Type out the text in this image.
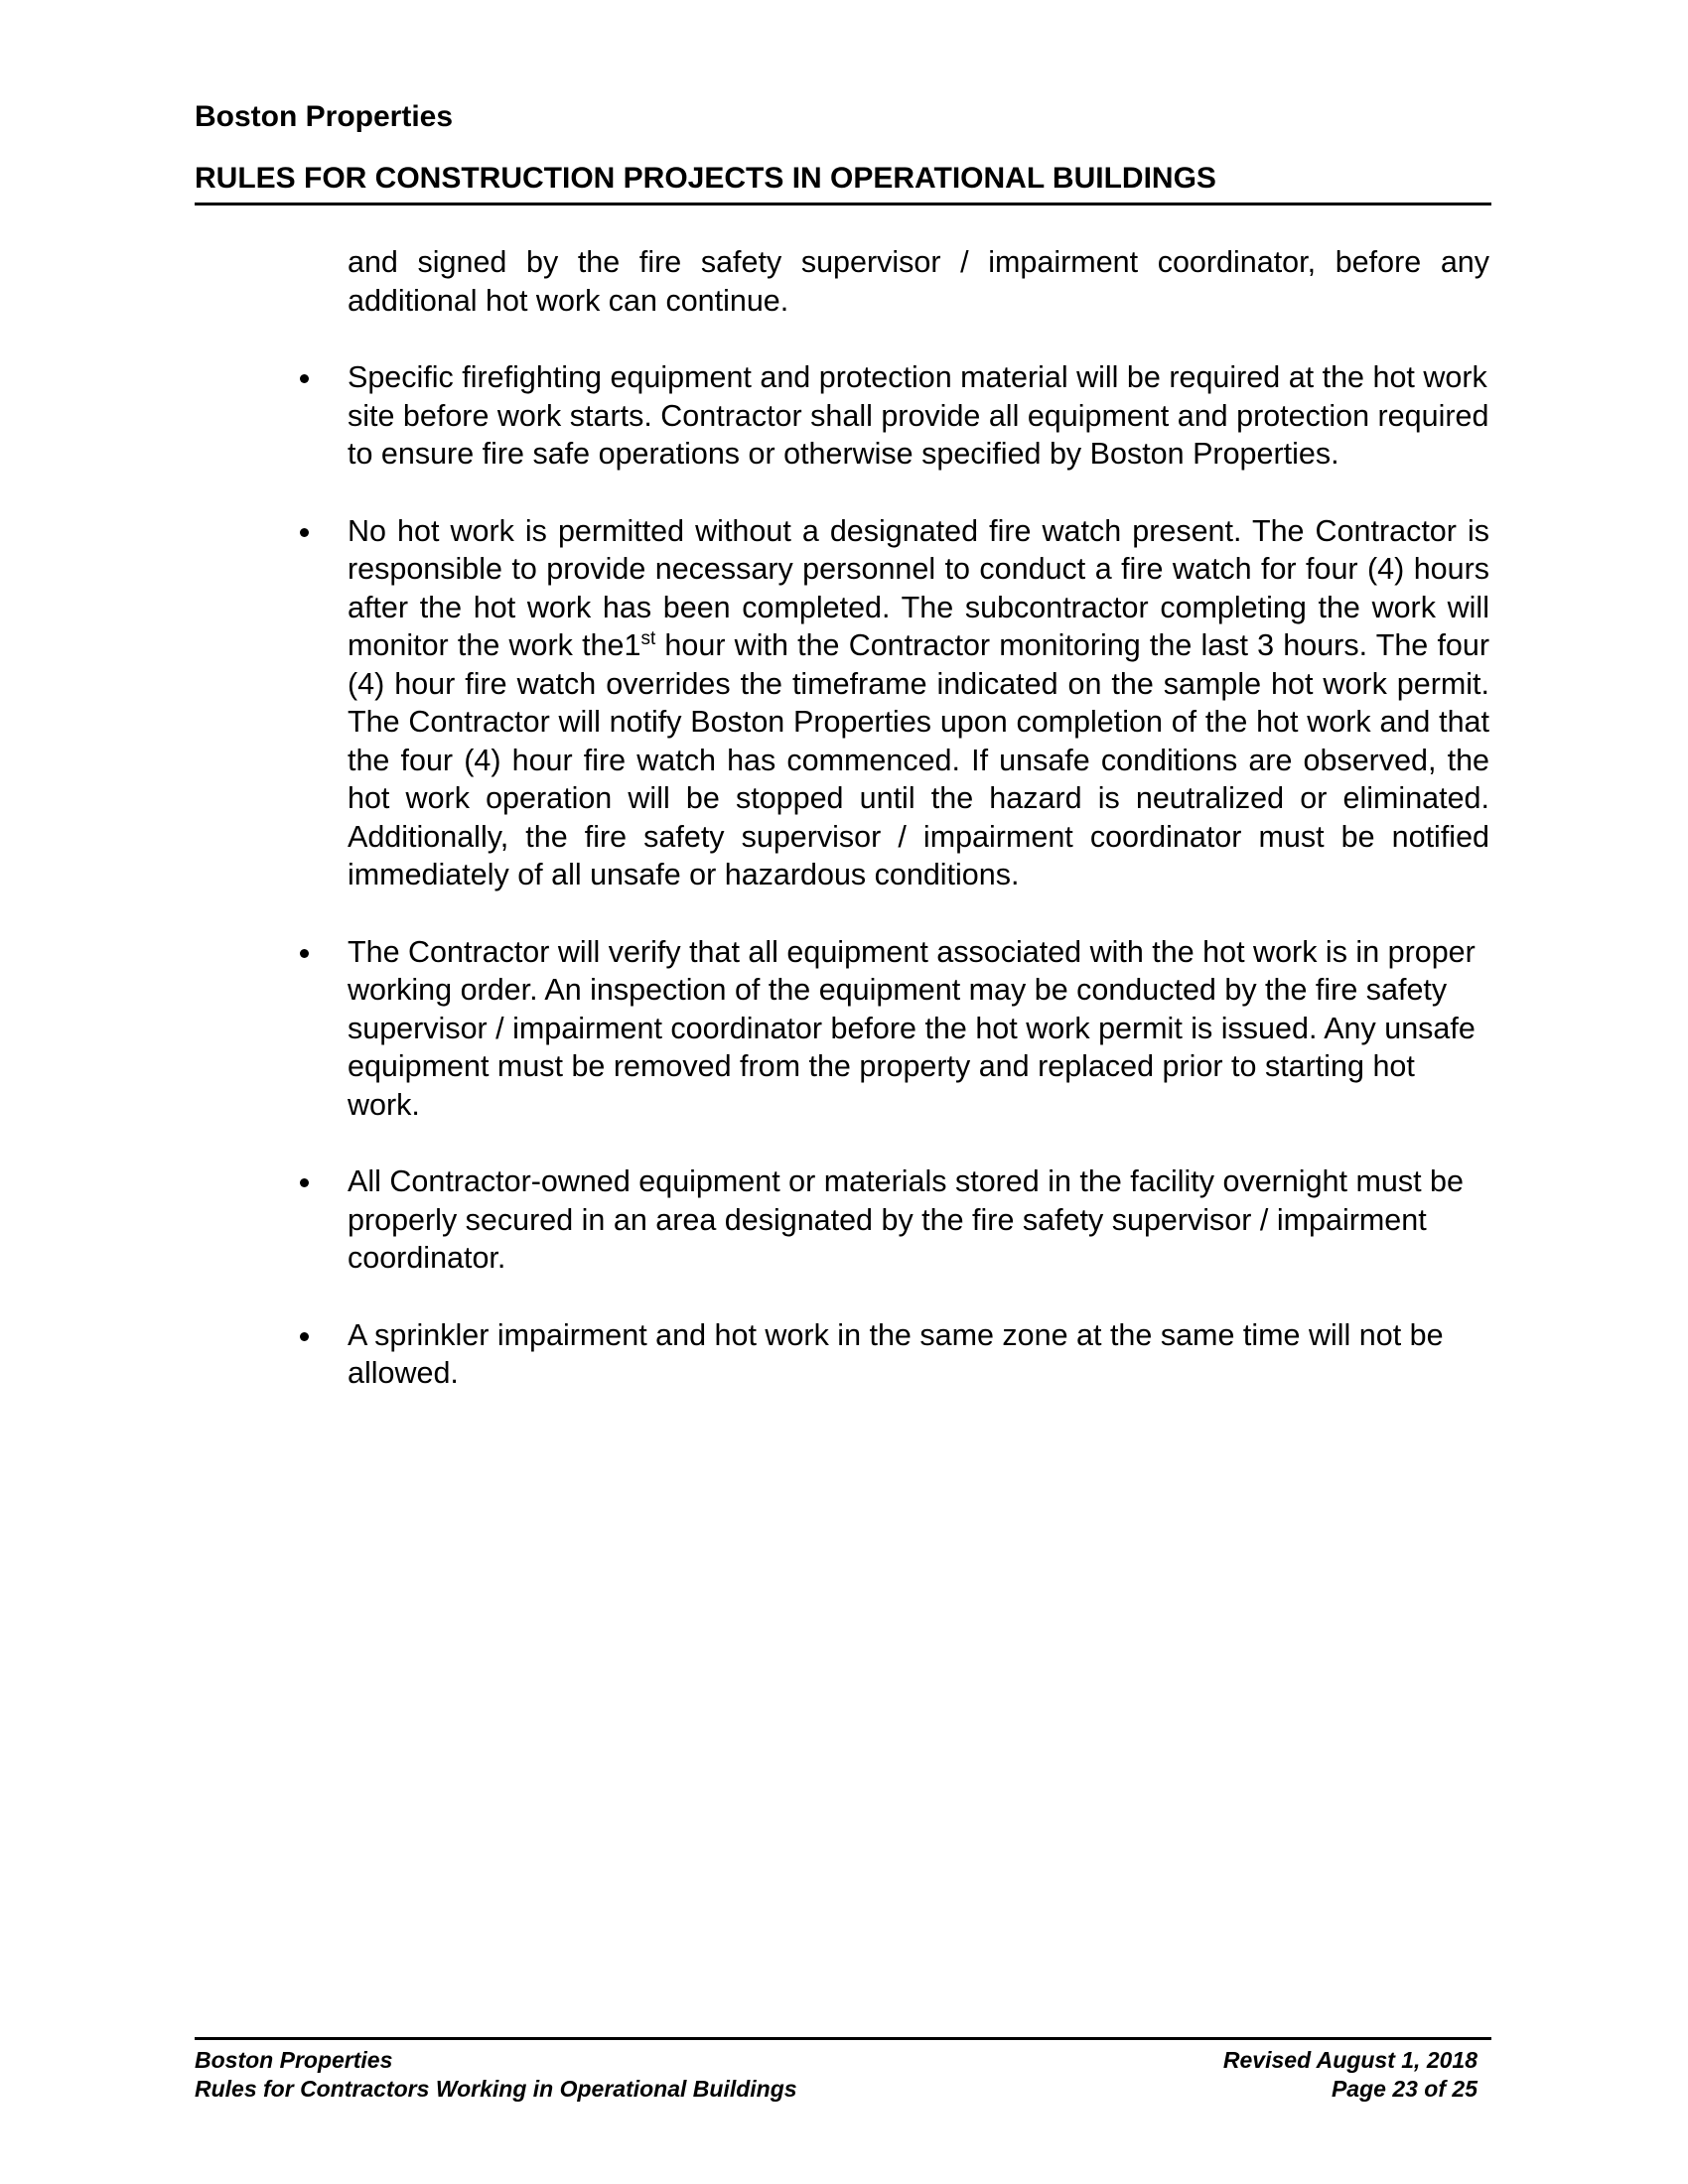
Boston Properties
RULES FOR CONSTRUCTION PROJECTS IN OPERATIONAL BUILDINGS
and signed by the fire safety supervisor / impairment coordinator, before any additional hot work can continue.
Specific firefighting equipment and protection material will be required at the hot work site before work starts. Contractor shall provide all equipment and protection required to ensure fire safe operations or otherwise specified by Boston Properties.
No hot work is permitted without a designated fire watch present. The Contractor is responsible to provide necessary personnel to conduct a fire watch for four (4) hours after the hot work has been completed. The subcontractor completing the work will monitor the work the1st hour with the Contractor monitoring the last 3 hours. The four (4) hour fire watch overrides the timeframe indicated on the sample hot work permit. The Contractor will notify Boston Properties upon completion of the hot work and that the four (4) hour fire watch has commenced. If unsafe conditions are observed, the hot work operation will be stopped until the hazard is neutralized or eliminated. Additionally, the fire safety supervisor / impairment coordinator must be notified immediately of all unsafe or hazardous conditions.
The Contractor will verify that all equipment associated with the hot work is in proper working order. An inspection of the equipment may be conducted by the fire safety supervisor / impairment coordinator before the hot work permit is issued. Any unsafe equipment must be removed from the property and replaced prior to starting hot work.
All Contractor-owned equipment or materials stored in the facility overnight must be properly secured in an area designated by the fire safety supervisor / impairment coordinator.
A sprinkler impairment and hot work in the same zone at the same time will not be allowed.
Boston Properties	Revised August 1, 2018
Rules for Contractors Working in Operational Buildings	Page 23 of 25
